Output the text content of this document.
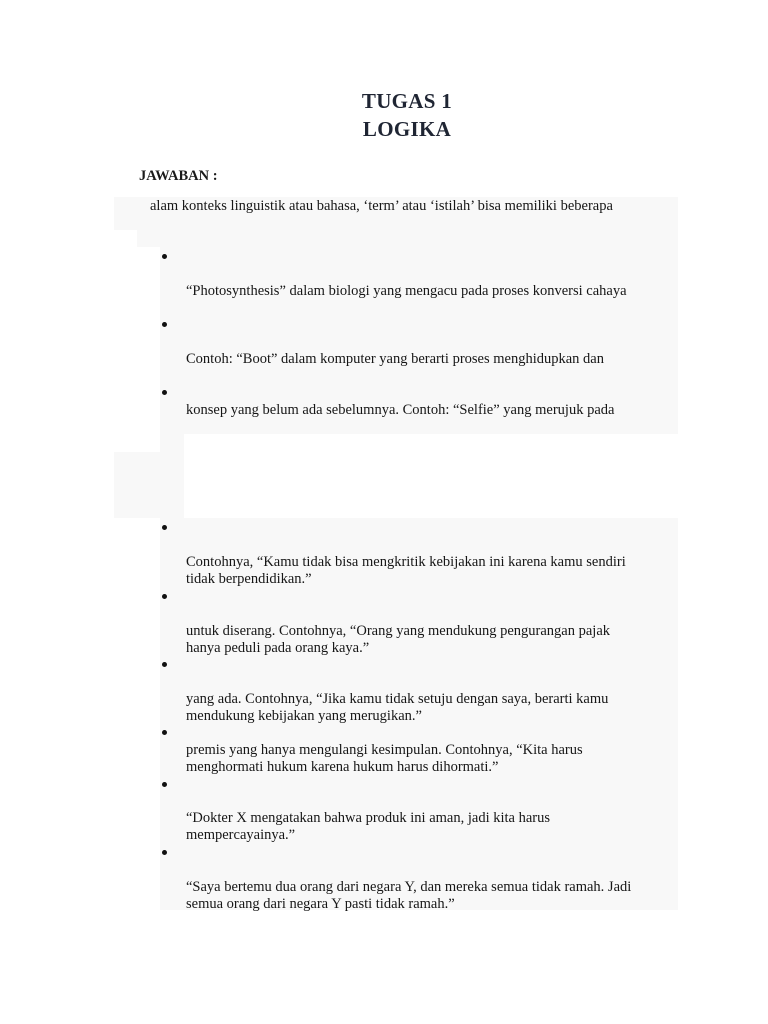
TUGAS 1
LOGIKA
JAWABAN :
alam konteks linguistik atau bahasa, ‘term’ atau ‘istilah’ bisa memiliki beberapa
“Photosynthesis” dalam biologi yang mengacu pada proses konversi cahaya
Contoh: “Boot” dalam komputer yang berarti proses menghidupkan dan
konsep yang belum ada sebelumnya. Contoh: “Selfie” yang merujuk pada
Contohnya, “Kamu tidak bisa mengkritik kebijakan ini karena kamu sendiri
tidak berpendidikan.”
untuk diserang. Contohnya, “Orang yang mendukung pengurangan pajak
hanya peduli pada orang kaya.”
yang ada. Contohnya, “Jika kamu tidak setuju dengan saya, berarti kamu
mendukung kebijakan yang merugikan.”
premis yang hanya mengulangi kesimpulan. Contohnya, “Kita harus
menghormati hukum karena hukum harus dihormati.”
“Dokter X mengatakan bahwa produk ini aman, jadi kita harus
mempercayainya.”
“Saya bertemu dua orang dari negara Y, dan mereka semua tidak ramah. Jadi
semua orang dari negara Y pasti tidak ramah.”
